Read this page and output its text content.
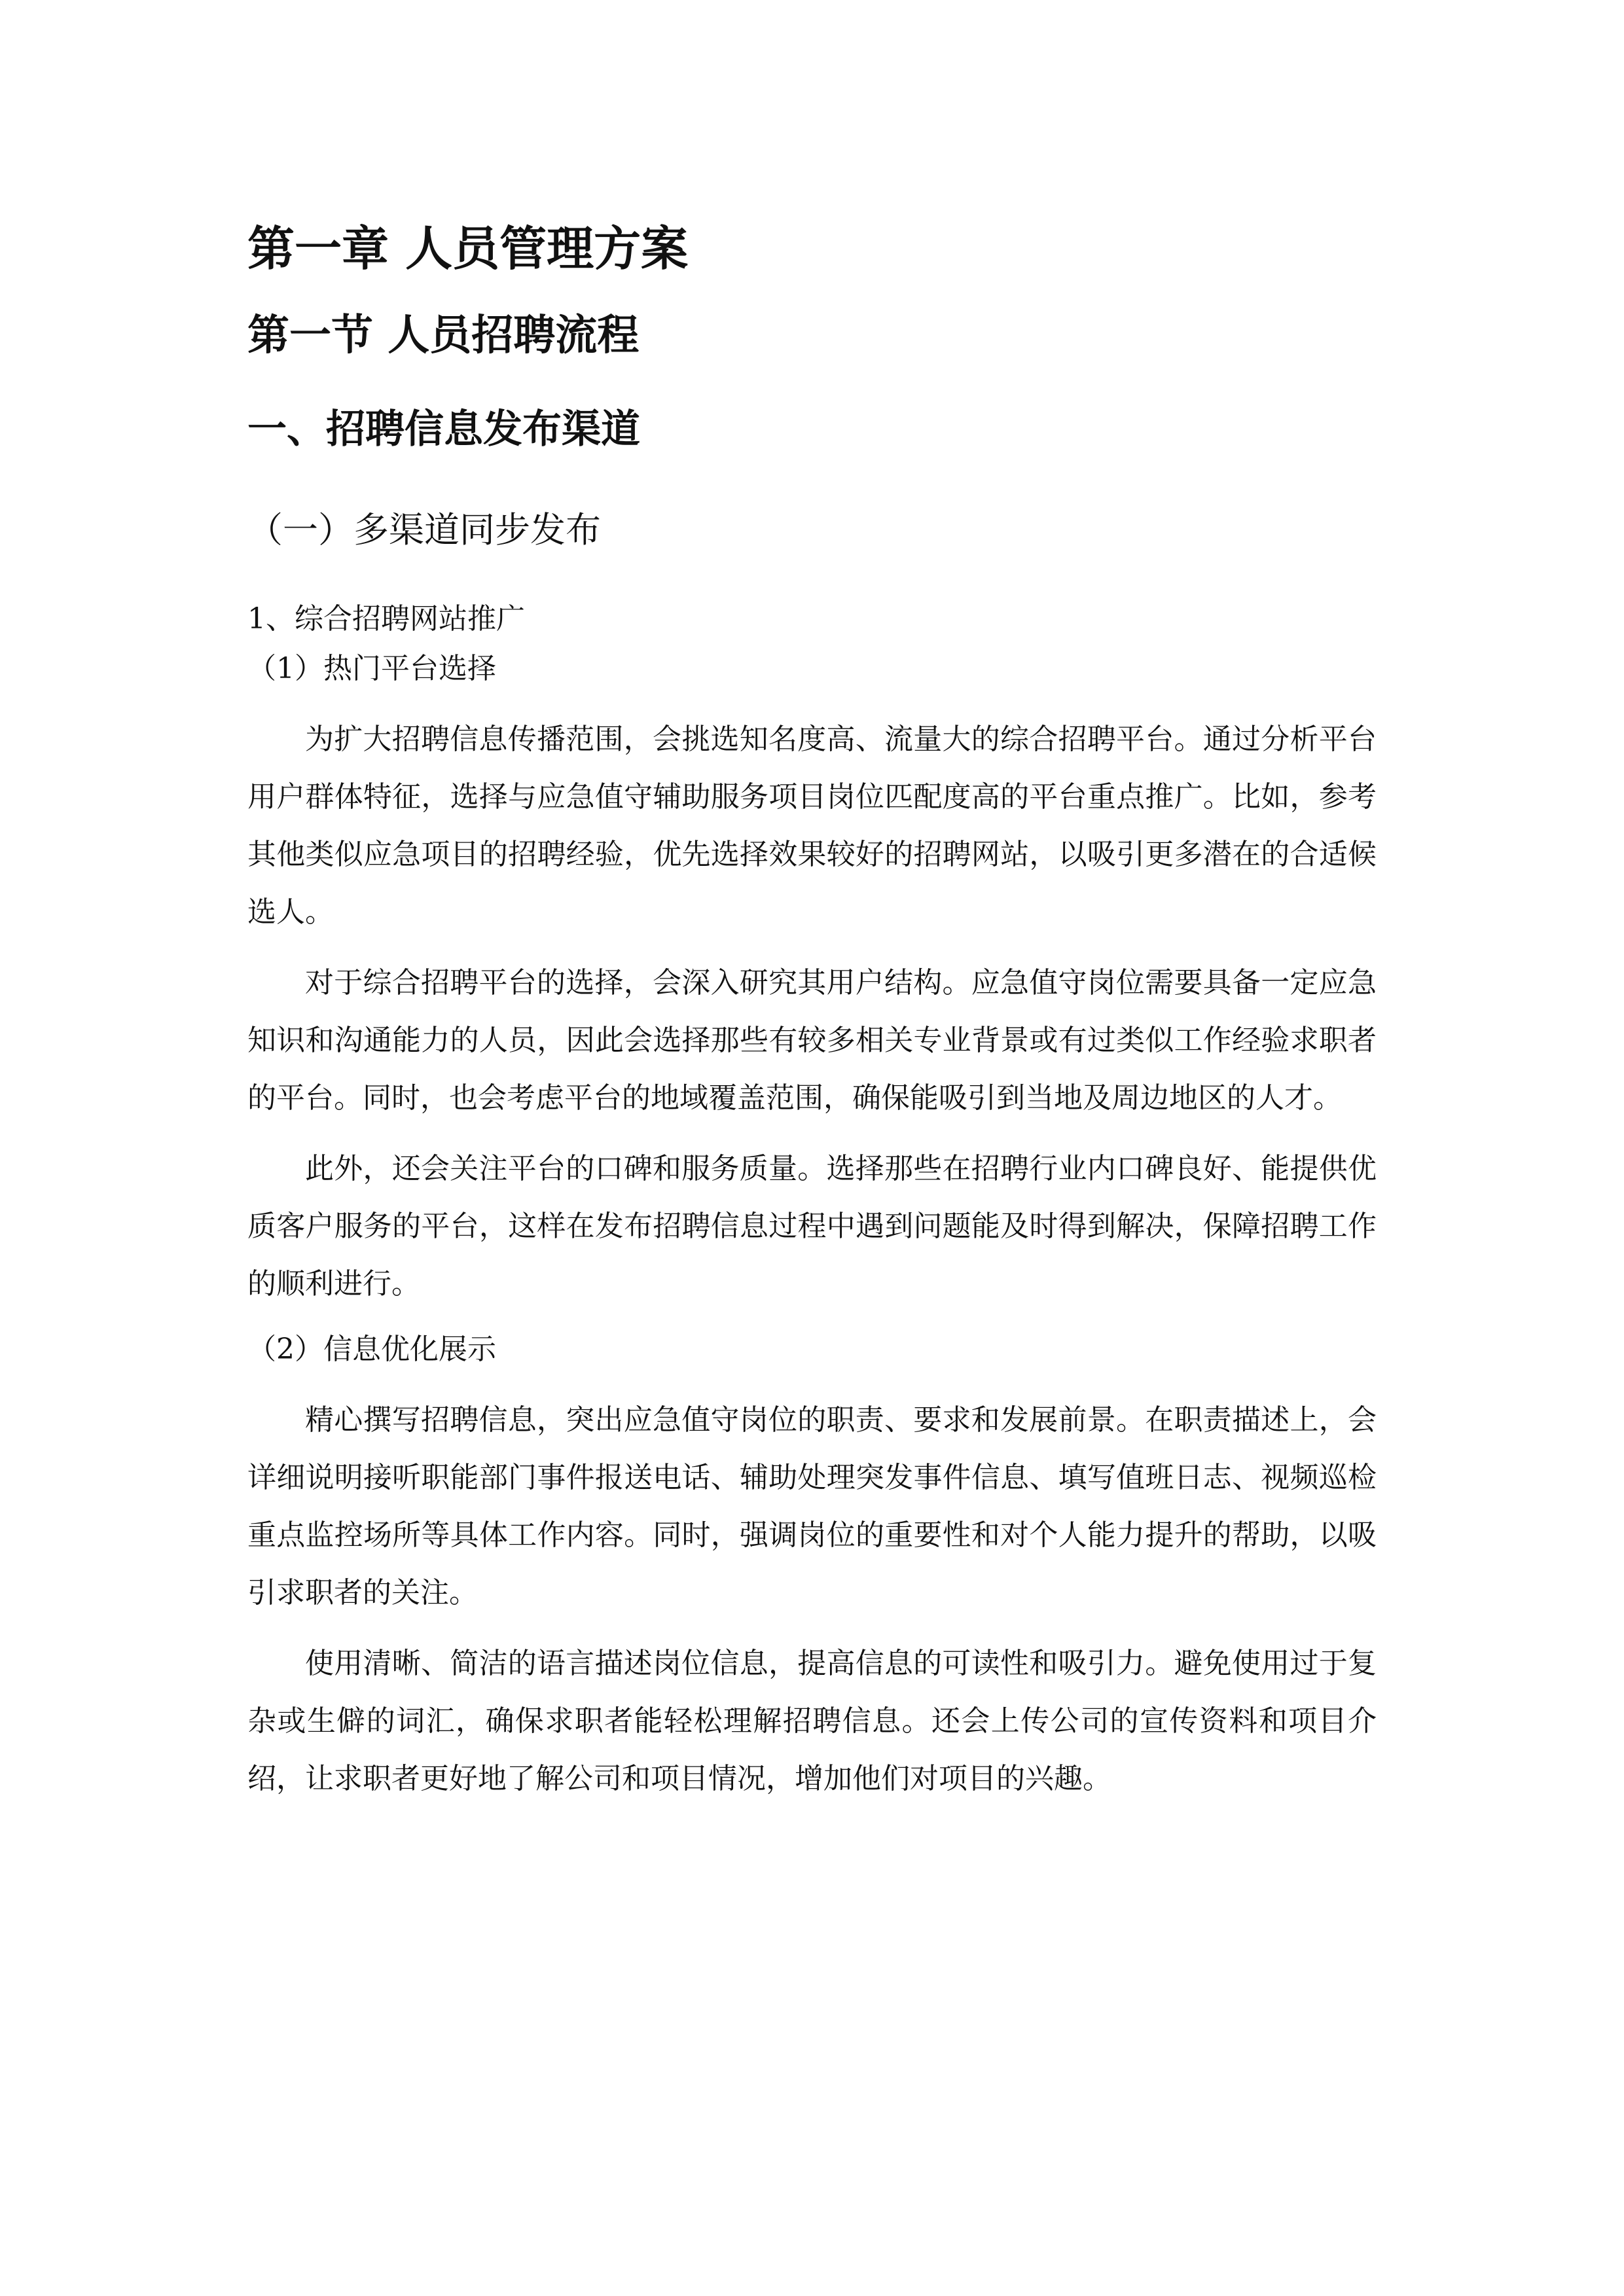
第一章 人员管理方案
第一节 人员招聘流程
一、招聘信息发布渠道
（一）多渠道同步发布
1、综合招聘网站推广
（1）热门平台选择

为扩大招聘信息传播范围，会挑选知名度高、流量大的综合招聘平台。通过分析平台用户群体特征，选择与应急值守辅助服务项目岗位匹配度高的平台重点推广。比如，参考其他类似应急项目的招聘经验，优先选择效果较好的招聘网站，以吸引更多潜在的合适候选人。

对于综合招聘平台的选择，会深入研究其用户结构。应急值守岗位需要具备一定应急知识和沟通能力的人员，因此会选择那些有较多相关专业背景或有过类似工作经验求职者的平台。同时，也会考虑平台的地域覆盖范围，确保能吸引到当地及周边地区的人才。

此外，还会关注平台的口碑和服务质量。选择那些在招聘行业内口碑良好、能提供优质客户服务的平台，这样在发布招聘信息过程中遇到问题能及时得到解决，保障招聘工作的顺利进行。

（2）信息优化展示

精心撰写招聘信息，突出应急值守岗位的职责、要求和发展前景。在职责描述上，会详细说明接听职能部门事件报送电话、辅助处理突发事件信息、填写值班日志、视频巡检重点监控场所等具体工作内容。同时，强调岗位的重要性和对个人能力提升的帮助，以吸引求职者的关注。

使用清晰、简洁的语言描述岗位信息，提高信息的可读性和吸引力。避免使用过于复杂或生僻的词汇，确保求职者能轻松理解招聘信息。还会上传公司的宣传资料和项目介绍，让求职者更好地了解公司和项目情况，增加他们对项目的兴趣。
